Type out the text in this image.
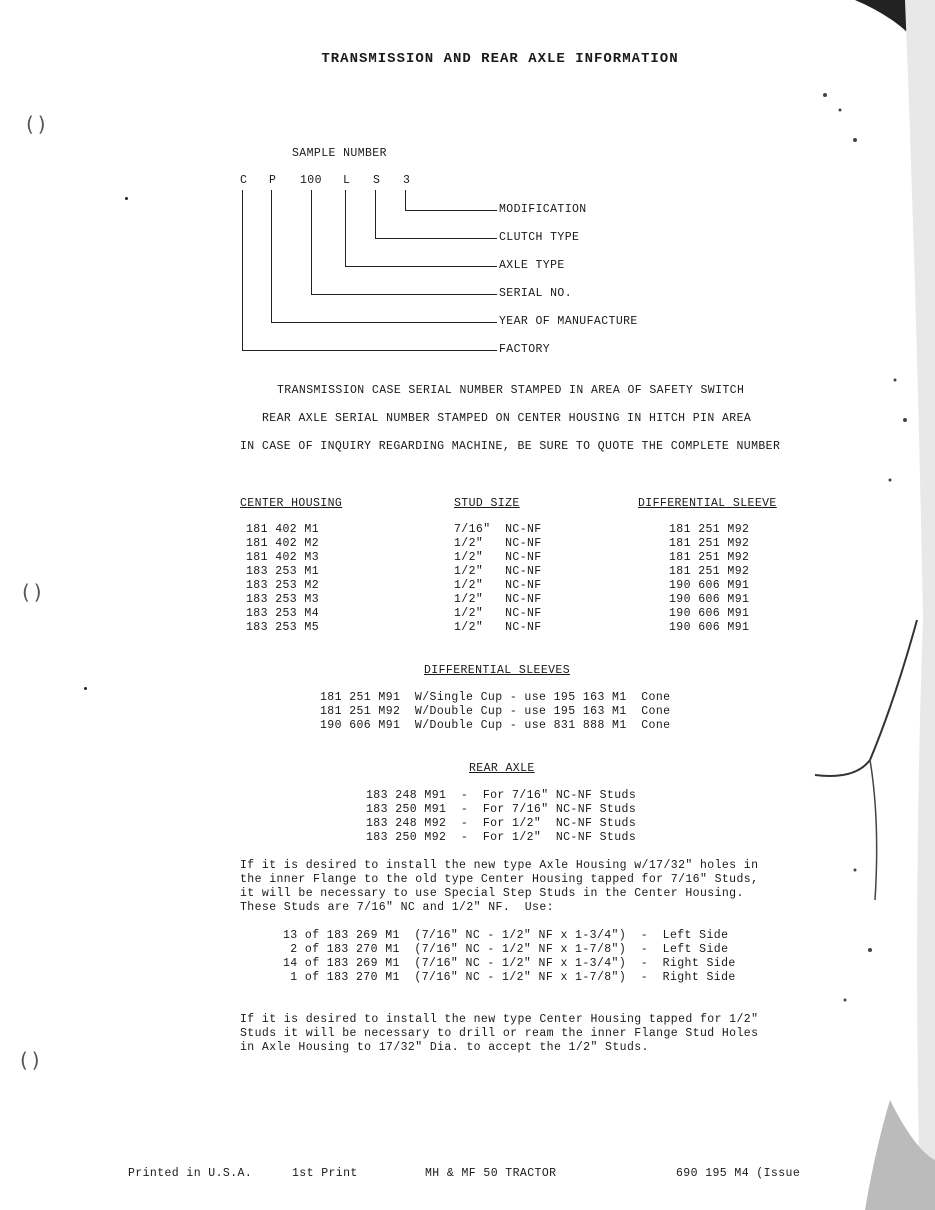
( )
( )
( )
TRANSMISSION AND REAR AXLE INFORMATION
SAMPLE NUMBER
C P 100 L S 3
MODIFICATION
CLUTCH TYPE
AXLE TYPE
SERIAL NO.
YEAR OF MANUFACTURE
FACTORY
TRANSMISSION CASE SERIAL NUMBER STAMPED IN AREA OF SAFETY SWITCH
REAR AXLE SERIAL NUMBER STAMPED ON CENTER HOUSING IN HITCH PIN AREA
IN CASE OF INQUIRY REGARDING MACHINE, BE SURE TO QUOTE THE COMPLETE NUMBER
CENTER HOUSING	STUD SIZE	DIFFERENTIAL SLEEVE
181 402 M1	7/16"  NC-NF	181 251 M92
181 402 M2	1/2"   NC-NF	181 251 M92
181 402 M3	1/2"   NC-NF	181 251 M92
183 253 M1	1/2"   NC-NF	181 251 M92
183 253 M2	1/2"   NC-NF	190 606 M91
183 253 M3	1/2"   NC-NF	190 606 M91
183 253 M4	1/2"   NC-NF	190 606 M91
183 253 M5	1/2"   NC-NF	190 606 M91
DIFFERENTIAL SLEEVES
181 251 M91  W/Single Cup - use 195 163 M1  Cone
181 251 M92  W/Double Cup - use 195 163 M1  Cone
190 606 M91  W/Double Cup - use 831 888 M1  Cone
REAR AXLE
183 248 M91  -  For 7/16" NC-NF Studs
183 250 M91  -  For 7/16" NC-NF Studs
183 248 M92  -  For 1/2"  NC-NF Studs
183 250 M92  -  For 1/2"  NC-NF Studs
If it is desired to install the new type Axle Housing w/17/32" holes in
the inner Flange to the old type Center Housing tapped for 7/16" Studs,
it will be necessary to use Special Step Studs in the Center Housing.
These Studs are 7/16" NC and 1/2" NF.  Use:
13 of 183 269 M1  (7/16" NC - 1/2" NF x 1-3/4")  -  Left Side
2 of 183 270 M1  (7/16" NC - 1/2" NF x 1-7/8")  -  Left Side
14 of 183 269 M1  (7/16" NC - 1/2" NF x 1-3/4")  -  Right Side
1 of 183 270 M1  (7/16" NC - 1/2" NF x 1-7/8")  -  Right Side
If it is desired to install the new type Center Housing tapped for 1/2"
Studs it will be necessary to drill or ream the inner Flange Stud Holes
in Axle Housing to 17/32" Dia. to accept the 1/2" Studs.
Printed in U.S.A.	1st Print	MH & MF 50 TRACTOR	690 195 M4 (Issue
